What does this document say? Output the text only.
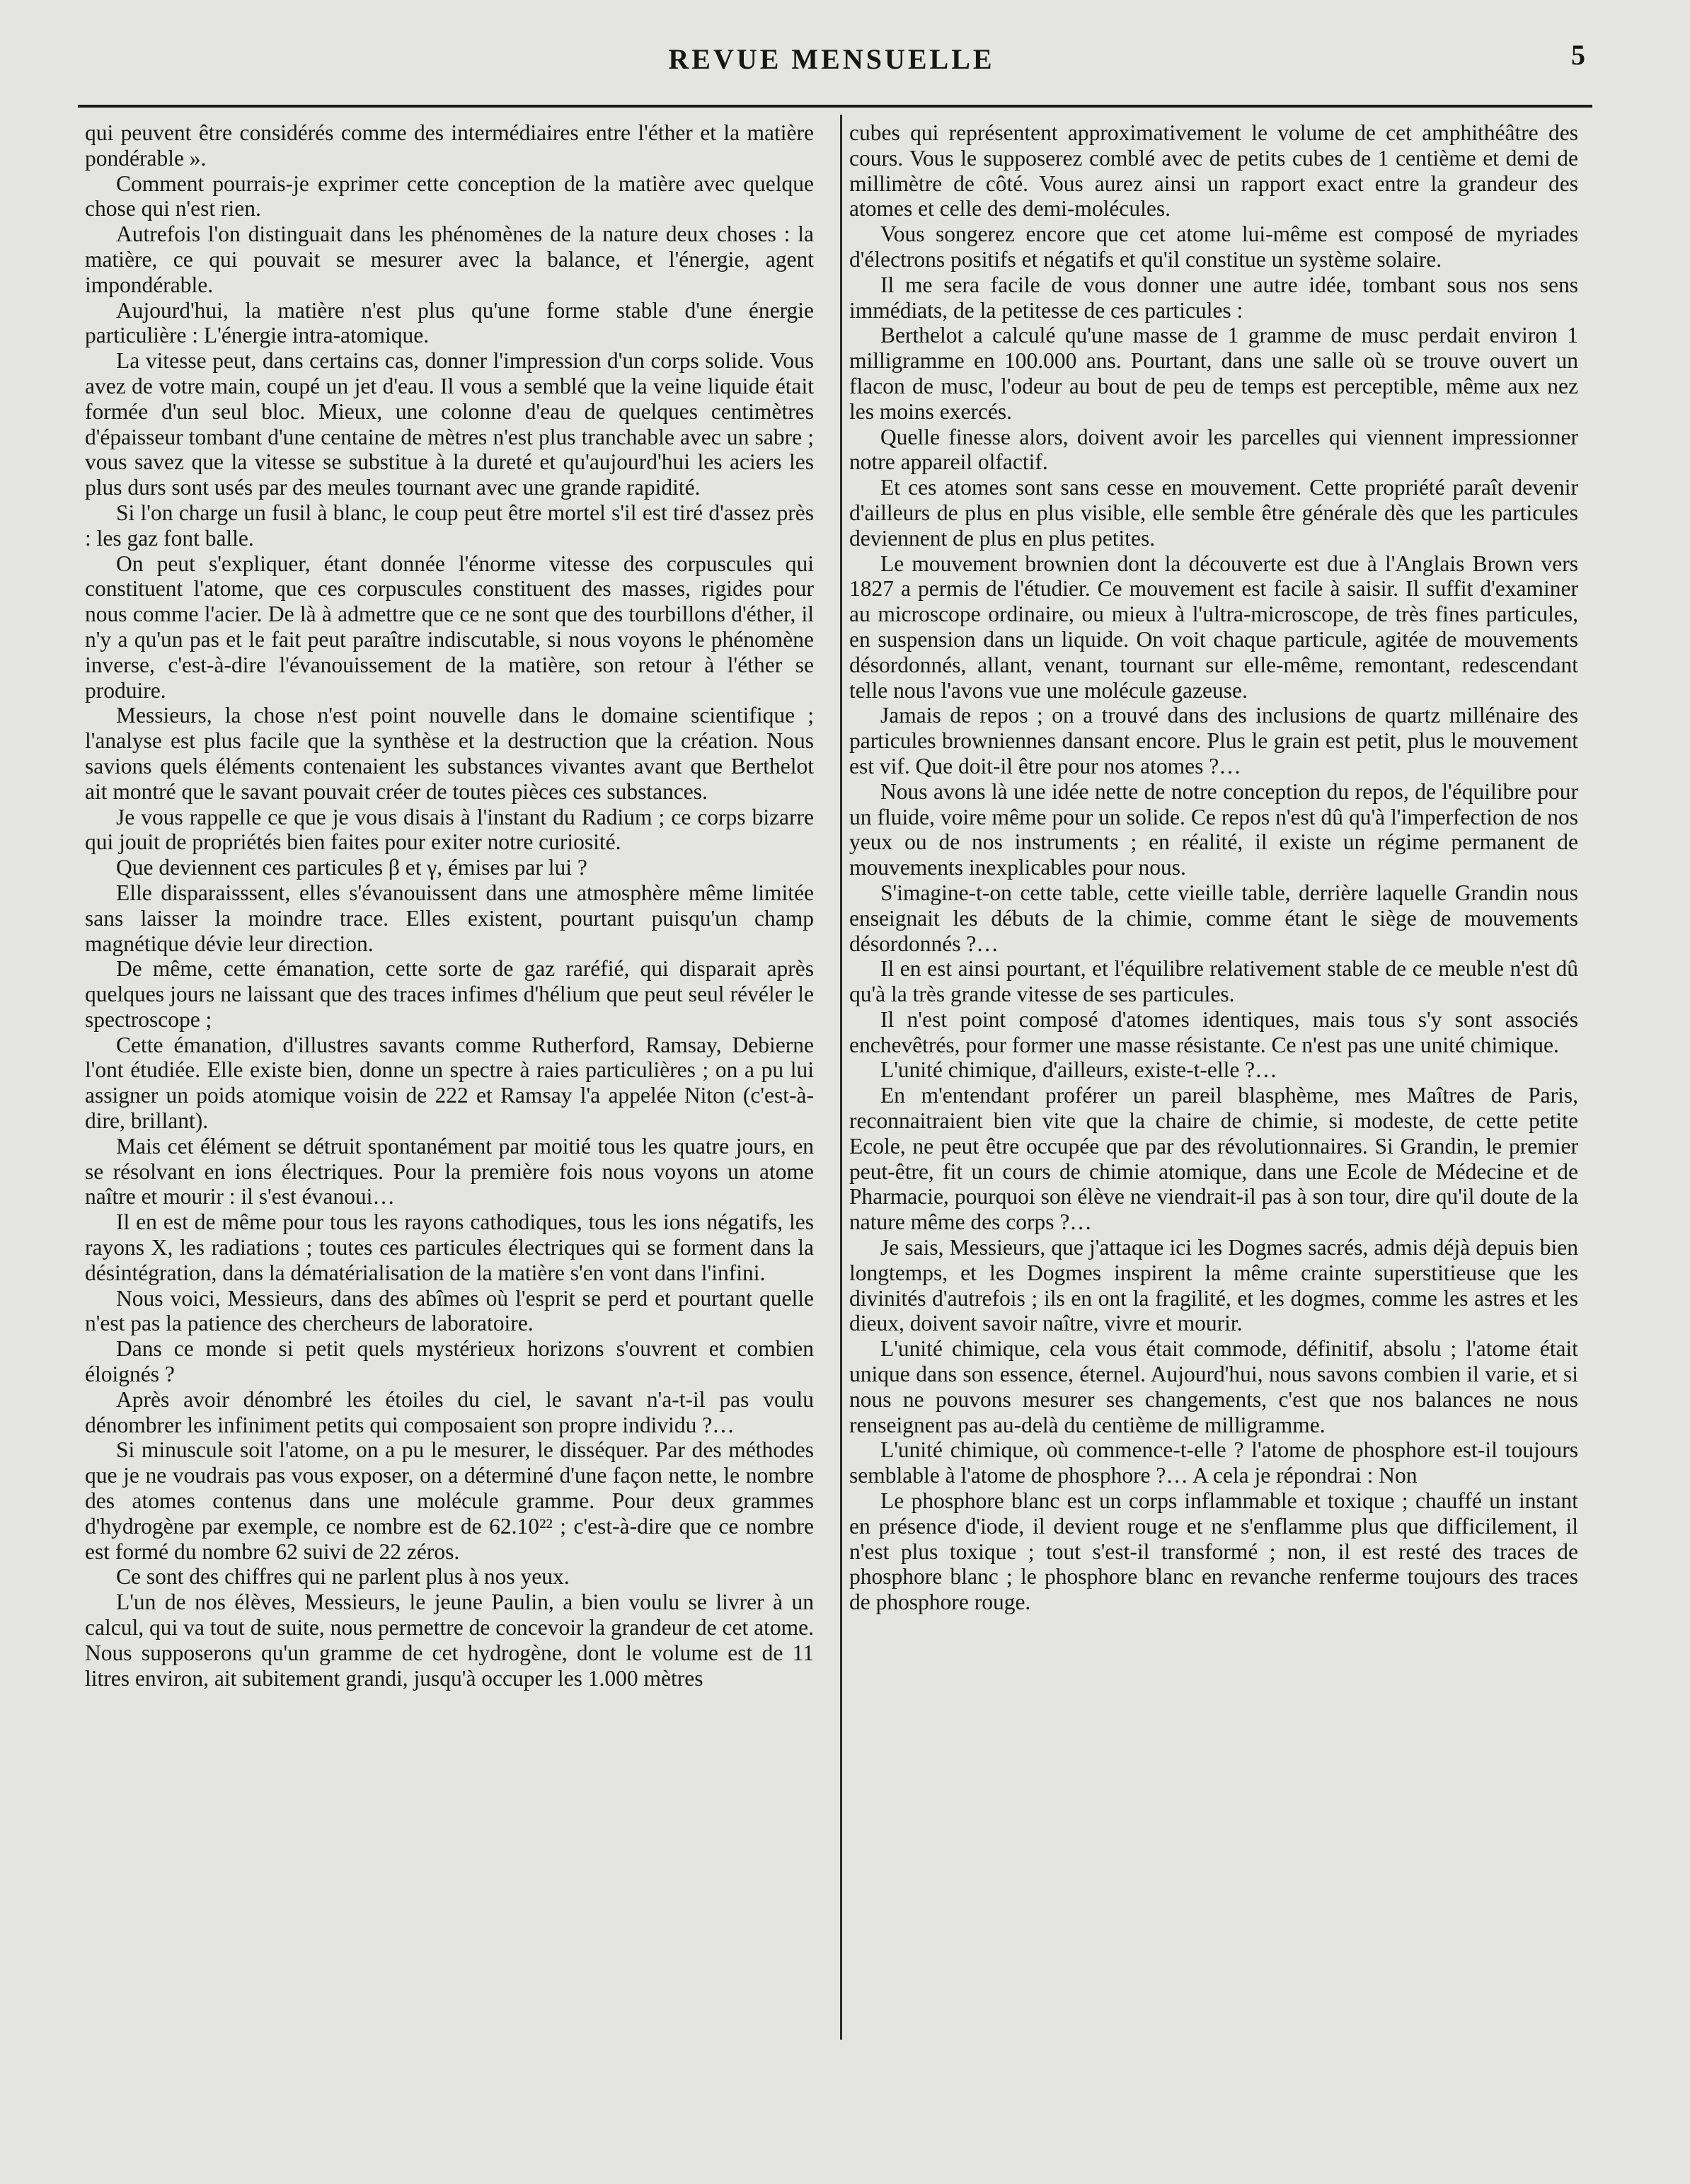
REVUE MENSUELLE	5

qui peuvent être considérés comme des intermédiaires entre l'éther et la matière pondérable ».

Comment pourrais-je exprimer cette conception de la matière avec quelque chose qui n'est rien.

Autrefois l'on distinguait dans les phénomènes de la nature deux choses : la matière, ce qui pouvait se mesurer avec la balance, et l'énergie, agent impondérable.

Aujourd'hui, la matière n'est plus qu'une forme stable d'une énergie particulière : L'énergie intra-atomique.

La vitesse peut, dans certains cas, donner l'impression d'un corps solide. Vous avez de votre main, coupé un jet d'eau. Il vous a semblé que la veine liquide était formée d'un seul bloc. Mieux, une colonne d'eau de quelques centimètres d'épaisseur tombant d'une centaine de mètres n'est plus tranchable avec un sabre ; vous savez que la vitesse se substitue à la dureté et qu'aujourd'hui les aciers les plus durs sont usés par des meules tournant avec une grande rapidité.

Si l'on charge un fusil à blanc, le coup peut être mortel s'il est tiré d'assez près : les gaz font balle.

On peut s'expliquer, étant donnée l'énorme vitesse des corpuscules qui constituent l'atome, que ces corpuscules constituent des masses, rigides pour nous comme l'acier. De là à admettre que ce ne sont que des tourbillons d'éther, il n'y a qu'un pas et le fait peut paraître indiscutable, si nous voyons le phénomène inverse, c'est-à-dire l'évanouissement de la matière, son retour à l'éther se produire.

Messieurs, la chose n'est point nouvelle dans le domaine scientifique ; l'analyse est plus facile que la synthèse et la destruction que la création. Nous savions quels éléments contenaient les substances vivantes avant que Berthelot ait montré que le savant pouvait créer de toutes pièces ces substances.

Je vous rappelle ce que je vous disais à l'instant du Radium ; ce corps bizarre qui jouit de propriétés bien faites pour exiter notre curiosité.

Que deviennent ces particules β et γ, émises par lui ?

Elle disparaisssent, elles s'évanouissent dans une atmosphère même limitée sans laisser la moindre trace. Elles existent, pourtant puisqu'un champ magnétique dévie leur direction.

De même, cette émanation, cette sorte de gaz raréfié, qui disparait après quelques jours ne laissant que des traces infimes d'hélium que peut seul révéler le spectroscope ;

Cette émanation, d'illustres savants comme Rutherford, Ramsay, Debierne l'ont étudiée. Elle existe bien, donne un spectre à raies particulières ; on a pu lui assigner un poids atomique voisin de 222 et Ramsay l'a appelée Niton (c'est-à-dire, brillant).

Mais cet élément se détruit spontanément par moitié tous les quatre jours, en se résolvant en ions électriques. Pour la première fois nous voyons un atome naître et mourir : il s'est évanoui…

Il en est de même pour tous les rayons cathodiques, tous les ions négatifs, les rayons X, les radiations ; toutes ces particules électriques qui se forment dans la désintégration, dans la dématérialisation de la matière s'en vont dans l'infini.

Nous voici, Messieurs, dans des abîmes où l'esprit se perd et pourtant quelle n'est pas la patience des chercheurs de laboratoire.

Dans ce monde si petit quels mystérieux horizons s'ouvrent et combien éloignés ?

Après avoir dénombré les étoiles du ciel, le savant n'a-t-il pas voulu dénombrer les infiniment petits qui composaient son propre individu ?…

Si minuscule soit l'atome, on a pu le mesurer, le disséquer. Par des méthodes que je ne voudrais pas vous exposer, on a déterminé d'une façon nette, le nombre des atomes contenus dans une molécule gramme. Pour deux grammes d'hydrogène par exemple, ce nombre est de 62.10²² ; c'est-à-dire que ce nombre est formé du nombre 62 suivi de 22 zéros.

Ce sont des chiffres qui ne parlent plus à nos yeux.

L'un de nos élèves, Messieurs, le jeune Paulin, a bien voulu se livrer à un calcul, qui va tout de suite, nous permettre de concevoir la grandeur de cet atome. Nous supposerons qu'un gramme de cet hydrogène, dont le volume est de 11 litres environ, ait subitement grandi, jusqu'à occuper les 1.000 mètres

cubes qui représentent approximativement le volume de cet amphithéâtre des cours. Vous le supposerez comblé avec de petits cubes de 1 centième et demi de millimètre de côté. Vous aurez ainsi un rapport exact entre la grandeur des atomes et celle des demi-molécules.

Vous songerez encore que cet atome lui-même est composé de myriades d'électrons positifs et négatifs et qu'il constitue un système solaire.

Il me sera facile de vous donner une autre idée, tombant sous nos sens immédiats, de la petitesse de ces particules :

Berthelot a calculé qu'une masse de 1 gramme de musc perdait environ 1 milligramme en 100.000 ans. Pourtant, dans une salle où se trouve ouvert un flacon de musc, l'odeur au bout de peu de temps est perceptible, même aux nez les moins exercés.

Quelle finesse alors, doivent avoir les parcelles qui viennent impressionner notre appareil olfactif.

Et ces atomes sont sans cesse en mouvement. Cette propriété paraît devenir d'ailleurs de plus en plus visible, elle semble être générale dès que les particules deviennent de plus en plus petites.

Le mouvement brownien dont la découverte est due à l'Anglais Brown vers 1827 a permis de l'étudier. Ce mouvement est facile à saisir. Il suffit d'examiner au microscope ordinaire, ou mieux à l'ultra-microscope, de très fines particules, en suspension dans un liquide. On voit chaque particule, agitée de mouvements désordonnés, allant, venant, tournant sur elle-même, remontant, redescendant telle nous l'avons vue une molécule gazeuse.

Jamais de repos ; on a trouvé dans des inclusions de quartz millénaire des particules browniennes dansant encore. Plus le grain est petit, plus le mouvement est vif. Que doit-il être pour nos atomes ?…

Nous avons là une idée nette de notre conception du repos, de l'équilibre pour un fluide, voire même pour un solide. Ce repos n'est dû qu'à l'imperfection de nos yeux ou de nos instruments ; en réalité, il existe un régime permanent de mouvements inexplicables pour nous.

S'imagine-t-on cette table, cette vieille table, derrière laquelle Grandin nous enseignait les débuts de la chimie, comme étant le siège de mouvements désordonnés ?…

Il en est ainsi pourtant, et l'équilibre relativement stable de ce meuble n'est dû qu'à la très grande vitesse de ses particules.

Il n'est point composé d'atomes identiques, mais tous s'y sont associés enchevêtrés, pour former une masse résistante. Ce n'est pas une unité chimique.

L'unité chimique, d'ailleurs, existe-t-elle ?…

En m'entendant proférer un pareil blasphème, mes Maîtres de Paris, reconnaitraient bien vite que la chaire de chimie, si modeste, de cette petite Ecole, ne peut être occupée que par des révolutionnaires. Si Grandin, le premier peut-être, fit un cours de chimie atomique, dans une Ecole de Médecine et de Pharmacie, pourquoi son élève ne viendrait-il pas à son tour, dire qu'il doute de la nature même des corps ?…

Je sais, Messieurs, que j'attaque ici les Dogmes sacrés, admis déjà depuis bien longtemps, et les Dogmes inspirent la même crainte superstitieuse que les divinités d'autrefois ; ils en ont la fragilité, et les dogmes, comme les astres et les dieux, doivent savoir naître, vivre et mourir.

L'unité chimique, cela vous était commode, définitif, absolu ; l'atome était unique dans son essence, éternel. Aujourd'hui, nous savons combien il varie, et si nous ne pouvons mesurer ses changements, c'est que nos balances ne nous renseignent pas au-delà du centième de milligramme.

L'unité chimique, où commence-t-elle ? l'atome de phosphore est-il toujours semblable à l'atome de phosphore ?… A cela je répondrai : Non

Le phosphore blanc est un corps inflammable et toxique ; chauffé un instant en présence d'iode, il devient rouge et ne s'enflamme plus que difficilement, il n'est plus toxique ; tout s'est-il transformé ; non, il est resté des traces de phosphore blanc ; le phosphore blanc en revanche renferme toujours des traces de phosphore rouge.
